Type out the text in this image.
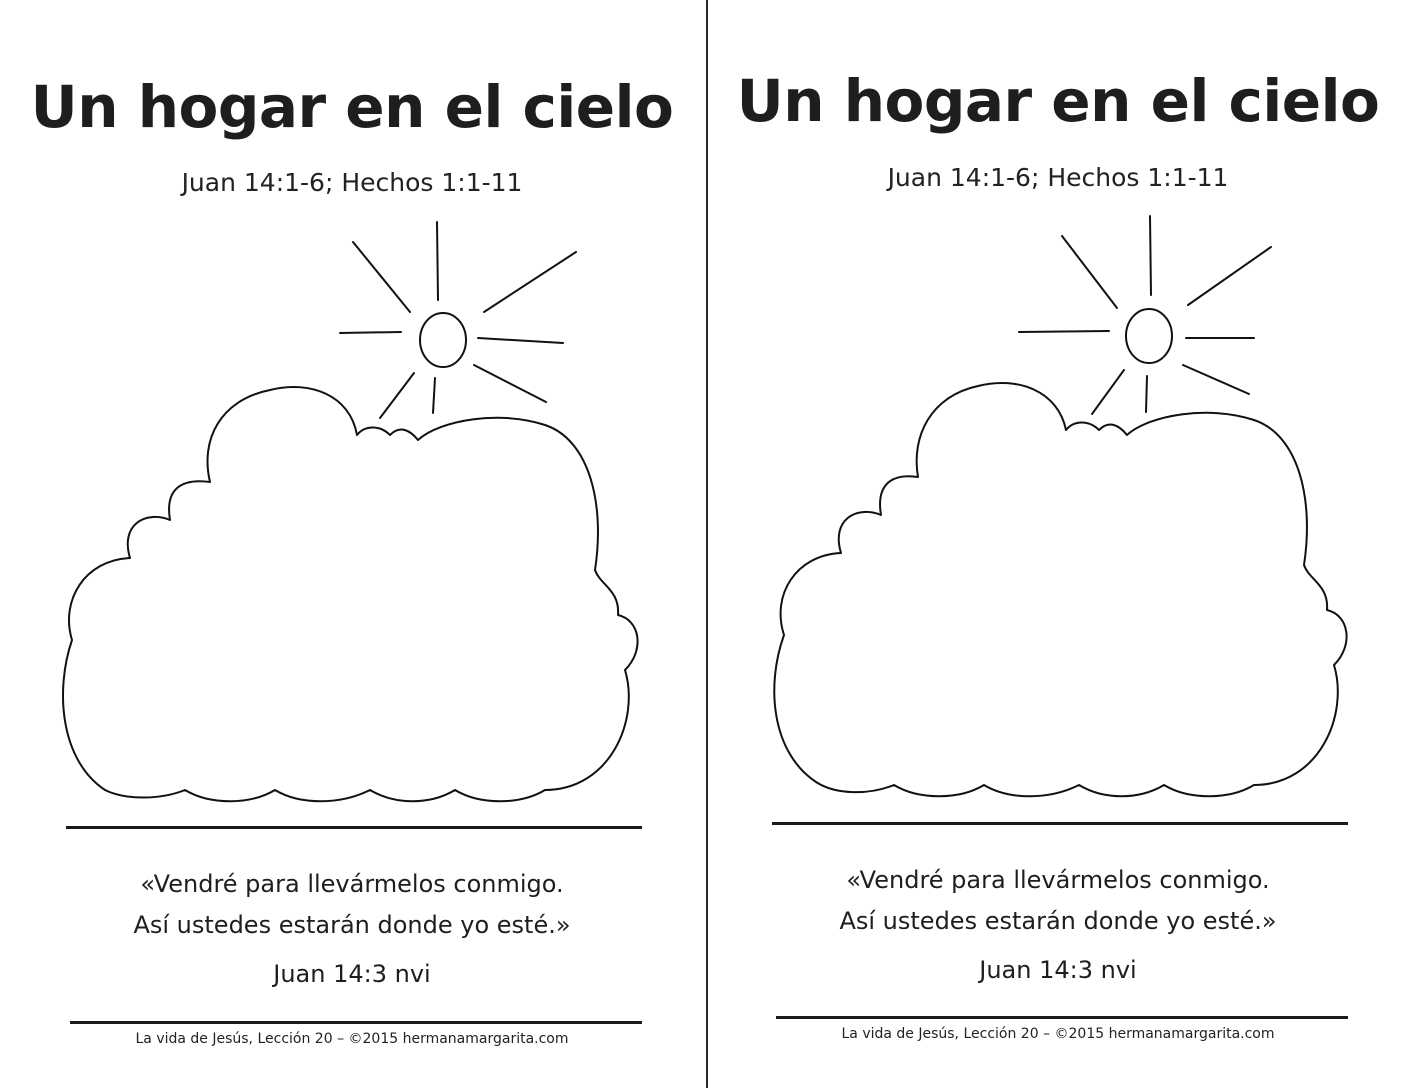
Un hogar en el cielo
Juan 14:1-6; Hechos 1:1-11
«Vendré para llevármelos conmigo.
Así ustedes estarán donde yo esté.»
Juan 14:3 nvi
La vida de Jesús, Lección 20 – ©2015 hermanamargarita.com
Un hogar en el cielo
Juan 14:1-6; Hechos 1:1-11
«Vendré para llevármelos conmigo.
Así ustedes estarán donde yo esté.»
Juan 14:3 nvi
La vida de Jesús, Lección 20 – ©2015 hermanamargarita.com
